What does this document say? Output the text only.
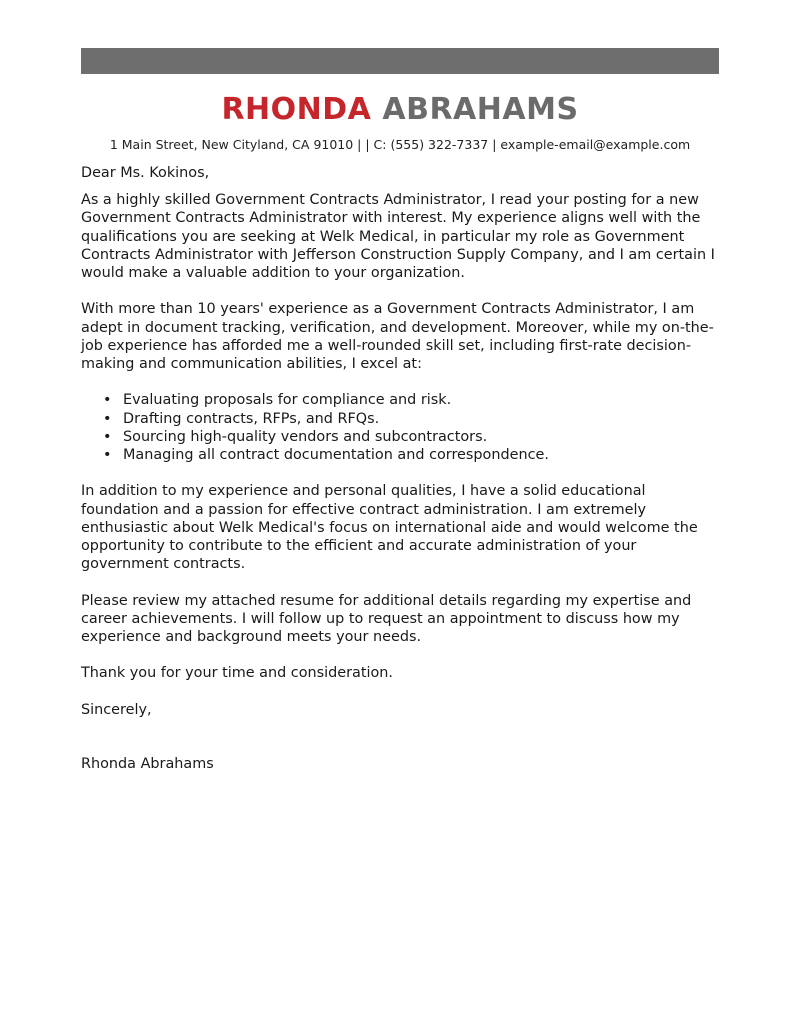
RHONDA ABRAHAMS
1 Main Street, New Cityland, CA 91010 | | C: (555) 322-7337 | example-email@example.com

Dear Ms. Kokinos,

As a highly skilled Government Contracts Administrator, I read your posting for a new Government Contracts Administrator with interest. My experience aligns well with the qualifications you are seeking at Welk Medical, in particular my role as Government Contracts Administrator with Jefferson Construction Supply Company, and I am certain I would make a valuable addition to your organization.

With more than 10 years' experience as a Government Contracts Administrator, I am adept in document tracking, verification, and development. Moreover, while my on-the-job experience has afforded me a well-rounded skill set, including first-rate decision-making and communication abilities, I excel at:

• Evaluating proposals for compliance and risk.
• Drafting contracts, RFPs, and RFQs.
• Sourcing high-quality vendors and subcontractors.
• Managing all contract documentation and correspondence.

In addition to my experience and personal qualities, I have a solid educational foundation and a passion for effective contract administration. I am extremely enthusiastic about Welk Medical's focus on international aide and would welcome the opportunity to contribute to the efficient and accurate administration of your government contracts.

Please review my attached resume for additional details regarding my expertise and career achievements. I will follow up to request an appointment to discuss how my experience and background meets your needs.

Thank you for your time and consideration.

Sincerely,

Rhonda Abrahams
